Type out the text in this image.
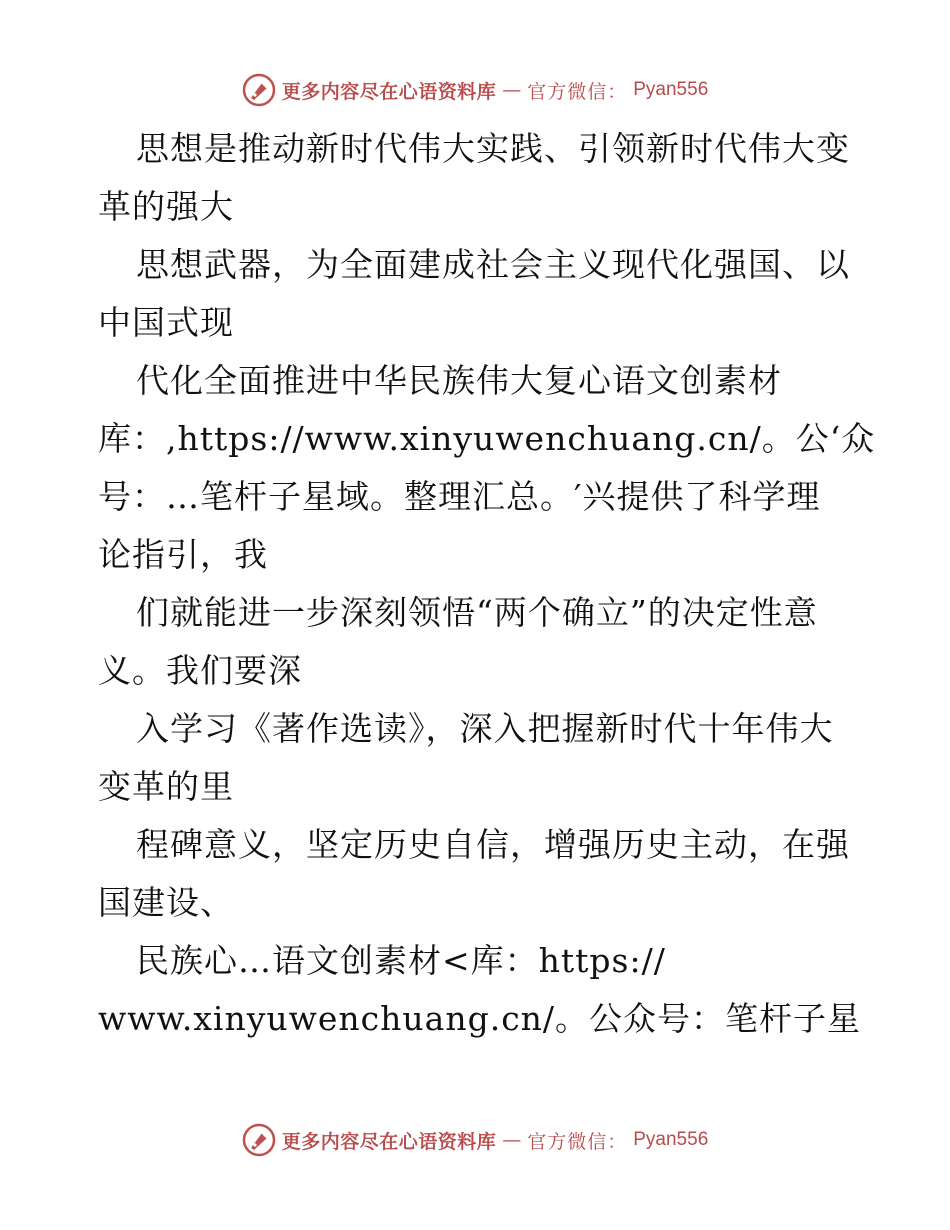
更多内容尽在心语资料库 — 官方微信： Pyan556
思想是推动新时代伟大实践、引领新时代伟大变
革的强大
思想武器，为全面建成社会主义现代化强国、以
中国式现
代化全面推进中华民族伟大复心语文创素材
库：,https://www.xinyuwenchuang.cn/。公‘众
号：…笔杆子星域。整理汇总。′兴提供了科学理
论指引，我
们就能进一步深刻领悟“两个确立”的决定性意
义。我们要深
入学习《著作选读》，深入把握新时代十年伟大
变革的里
程碑意义，坚定历史自信，增强历史主动，在强
国建设、
民族心…语文创素材<库：https://
www.xinyuwenchuang.cn/。公众号：笔杆子星
更多内容尽在心语资料库 — 官方微信： Pyan556
